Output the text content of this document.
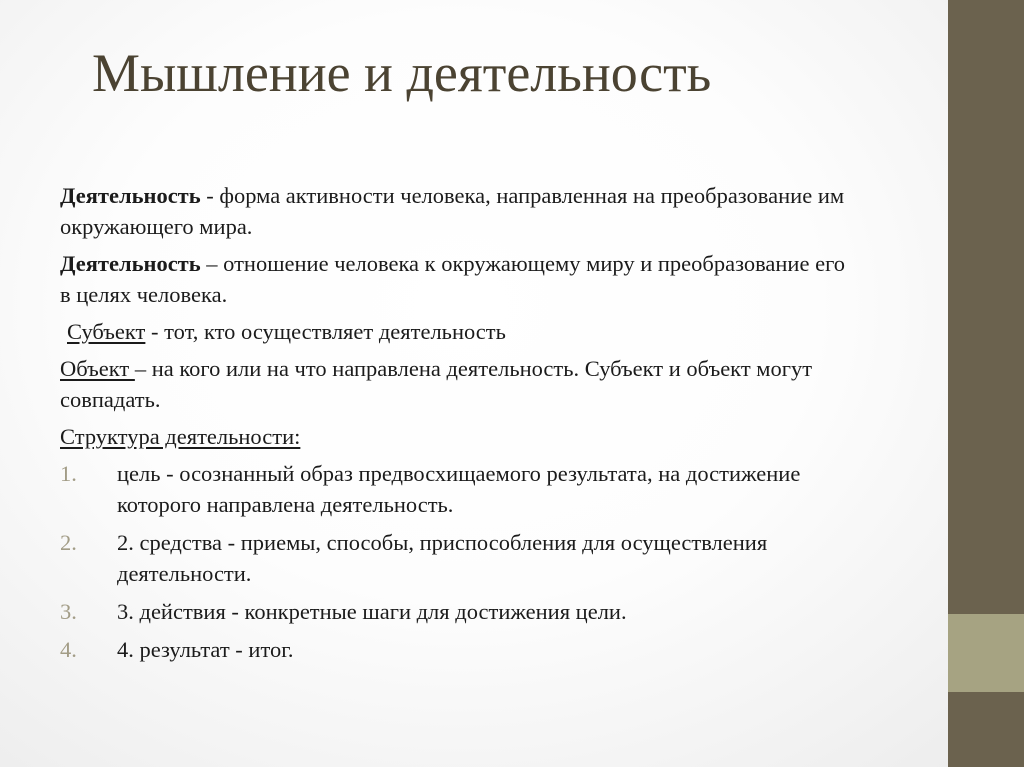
Мышление и деятельность

Деятельность - форма активности человека, направленная на преобразование им окружающего мира.

Деятельность – отношение человека к окружающему миру и преобразование его в целях человека.

Субъект - тот, кто осуществляет деятельность

Объект – на кого или на что направлена деятельность. Субъект и объект могут совпадать.

Структура деятельности:

1. цель - осознанный образ предвосхищаемого результата, на достижение которого направлена деятельность.
2. 2. средства - приемы, способы, приспособления для осуществления деятельности.
3. 3. действия - конкретные шаги для достижения цели.
4. 4. результат - итог.
